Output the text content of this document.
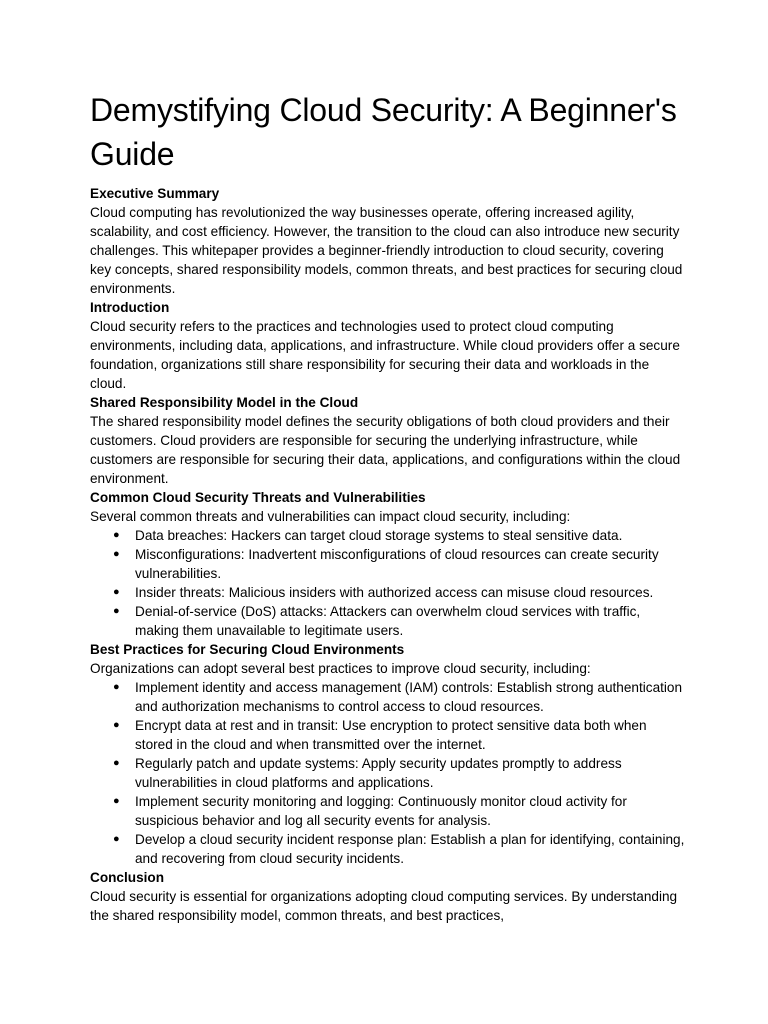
Demystifying Cloud Security: A Beginner's Guide

Executive Summary

Cloud computing has revolutionized the way businesses operate, offering increased agility, scalability, and cost efficiency. However, the transition to the cloud can also introduce new security challenges. This whitepaper provides a beginner-friendly introduction to cloud security, covering key concepts, shared responsibility models, common threats, and best practices for securing cloud environments.

Introduction

Cloud security refers to the practices and technologies used to protect cloud computing environments, including data, applications, and infrastructure. While cloud providers offer a secure foundation, organizations still share responsibility for securing their data and workloads in the cloud.

Shared Responsibility Model in the Cloud

The shared responsibility model defines the security obligations of both cloud providers and their customers. Cloud providers are responsible for securing the underlying infrastructure, while customers are responsible for securing their data, applications, and configurations within the cloud environment.

Common Cloud Security Threats and Vulnerabilities

Several common threats and vulnerabilities can impact cloud security, including:

● Data breaches: Hackers can target cloud storage systems to steal sensitive data.
● Misconfigurations: Inadvertent misconfigurations of cloud resources can create security vulnerabilities.
● Insider threats: Malicious insiders with authorized access can misuse cloud resources.
● Denial-of-service (DoS) attacks: Attackers can overwhelm cloud services with traffic, making them unavailable to legitimate users.

Best Practices for Securing Cloud Environments

Organizations can adopt several best practices to improve cloud security, including:

● Implement identity and access management (IAM) controls: Establish strong authentication and authorization mechanisms to control access to cloud resources.
● Encrypt data at rest and in transit: Use encryption to protect sensitive data both when stored in the cloud and when transmitted over the internet.
● Regularly patch and update systems: Apply security updates promptly to address vulnerabilities in cloud platforms and applications.
● Implement security monitoring and logging: Continuously monitor cloud activity for suspicious behavior and log all security events for analysis.
● Develop a cloud security incident response plan: Establish a plan for identifying, containing, and recovering from cloud security incidents.

Conclusion

Cloud security is essential for organizations adopting cloud computing services. By understanding the shared responsibility model, common threats, and best practices,
